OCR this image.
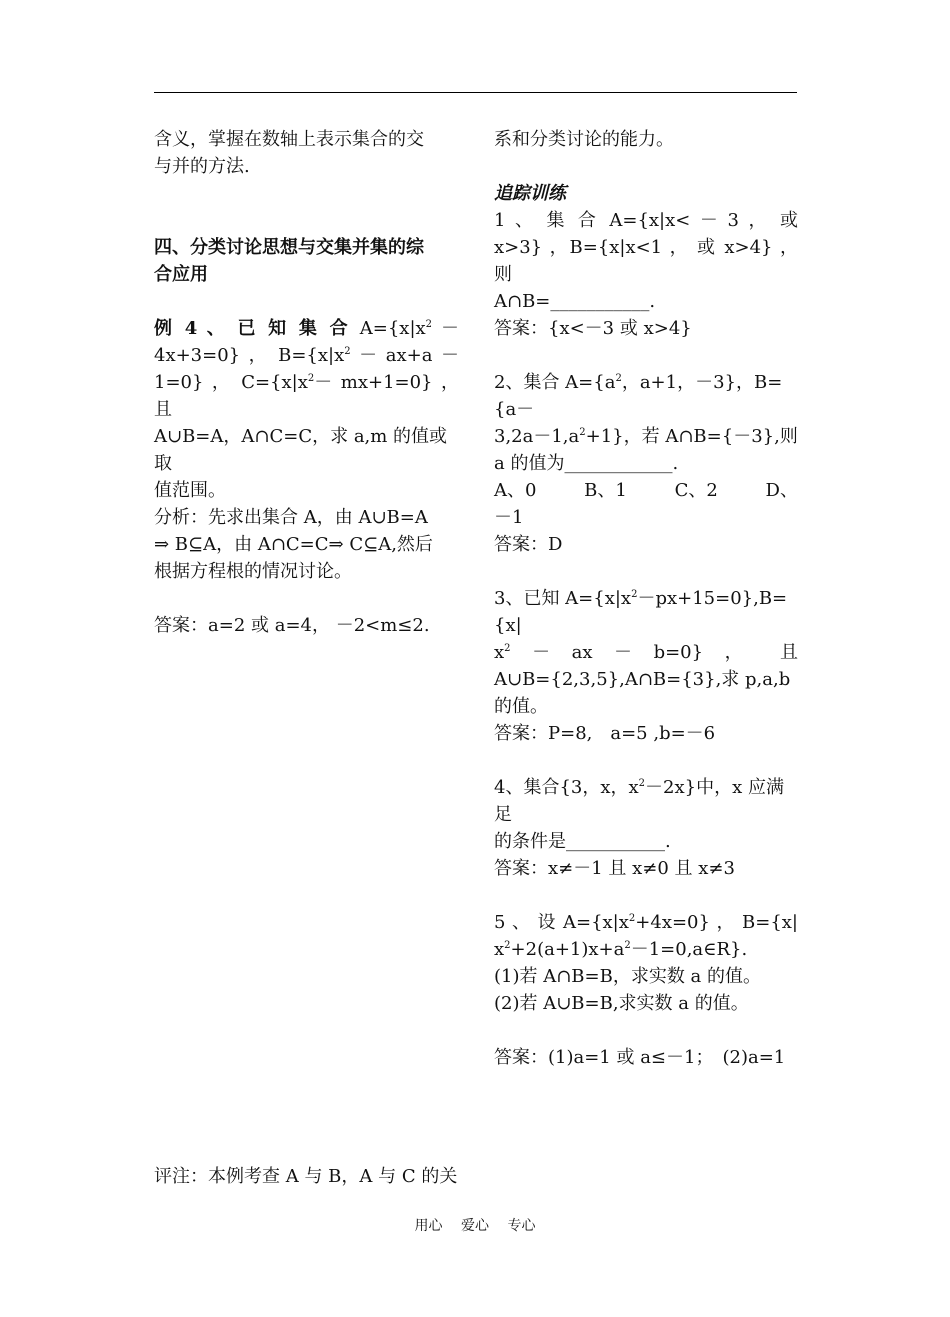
含义，掌握在数轴上表示集合的交

与并的方法.

四、分类讨论思想与交集并集的综

合应用

例 4 、 已 知 集 合 $A=\{x|x^2$ －

4x+3=0} ， $B=\{x|x^2 - ax+a$ －

1=0} ， $C=\{x|x^2- mx+1=0\}$ ， 且

A∪B=A，A∩C=C，求 a,m 的值或取

值范围。

分析：先求出集合 A，由 A∪B=A

⇒ B⊆A，由 A∩C=C⇒ C⊆A,然后

根据方程根的情况讨论。

答案：a=2 或 a=4， －2<m≤2.

系和分类讨论的能力。

追踪训练

1 、 集 合 A={x|x< － 3 ， 或

x>3} ，B={x|x<1 ， 或 x>4} ， 则

A∩B=___________.

答案：{x<－3 或 x>4}

2、集合 $A=\{a^2$，a+1，－3}，B={a－

$3,2a-1,a^2+1$}，若 A∩B={－3},则

a 的值为____________.

A、0	B、1	C、2	D、

－1

答案：D

3、已知 $A=\{x|x^2-px+15=0\},B=\{x|$

$x^2$ － ax － b=0} ， 且

A∪B={2,3,5},A∩B={3},求 p,a,b

的值。

答案：P=8,　a=5 ,b=－6

4、集合{3，x，$x^2-2x$}中，x 应满足

的条件是___________.

答案：x≠－1 且 x≠0 且 x≠3

5 、 设 $A=\{x|x^2+4x=0\}$ ， B={x|

$x^2+2(a+1)x+a^2-1=0,a\in R$}.

(1)若 A∩B=B，求实数 a 的值。

(2)若 A∪B=B,求实数 a 的值。

答案：(1)a=1 或 a≤－1；　(2)a=1

评注：本例考查 A 与 B，A 与 C 的关

用心 爱心 专心
